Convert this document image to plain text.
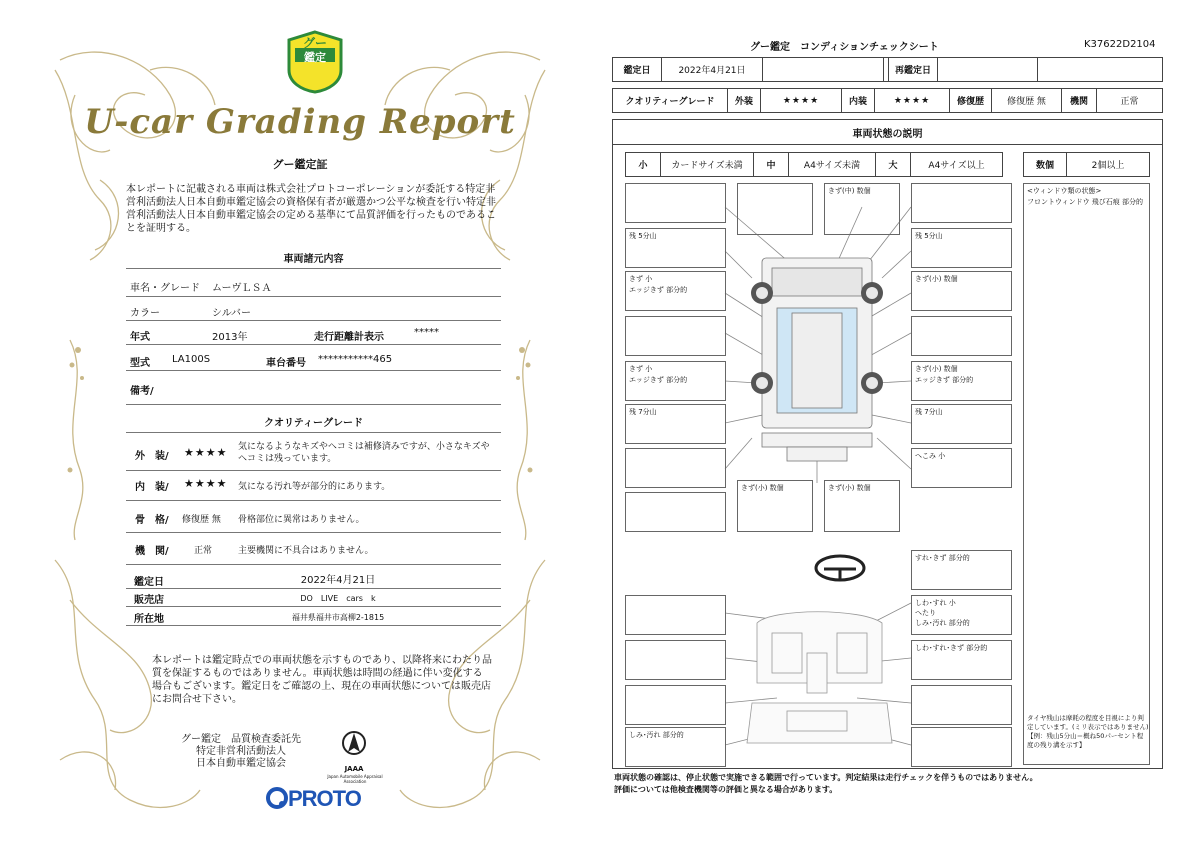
グー
鑑定
U-car Grading Report
グー鑑定証
本レポートに記載される車両は株式会社プロトコーポレーションが委託する特定非営利活動法人日本自動車鑑定協会の資格保有者が厳選かつ公平な検査を行い特定非営利活動法人日本自動車鑑定協会の定める基準にて品質評価を行ったものであることを証明する。
車両諸元内容
車名・グレード ムーヴＬＳＡ
カラー	シルバー
年式	2013年	走行距離計表示	*****
型式 LA100S	車台番号 ***********465
備考/
クオリティーグレード
外　装/ ★★★★ 気になるようなキズやヘコミは補修済みですが、小さなキズやヘコミは残っています。
内　装/ ★★★★ 気になる汚れ等が部分的にあります。
骨　格/ 修復歴 無 骨格部位に異常はありません。
機　関/	正常	主要機関に不具合はありません。
鑑定日	2022年4月21日
販売店	DO　LIVE　cars　k
所在地	福井県福井市高柳2-1815
本レポートは鑑定時点での車両状態を示すものであり、以降将来にわたり品質を保証するものではありません。車両状態は時間の経過に伴い変化する場合もございます。鑑定日をご確認の上、現在の車両状態については販売店にお問合せ下さい。
グー鑑定　品質検査委託先
特定非営利活動法人
日本自動車鑑定協会	JAAA
Japan Automobile Appraisal Association
PROTO
グー鑑定　コンディションチェックシート	K37622D2104
鑑定日	2022年4月21日	再鑑定日
クオリティーグレード	外装	★★★★	内装	★★★★	修復歴	修復歴 無	機関	正常
車両状態の説明
小	カードサイズ未満	中	A4サイズ未満	大	A4サイズ以上	数個	2個以上
<ウィンドウ類の状態>
フロントウィンドウ 飛び石痕 部分的
タイヤ残山は摩耗の程度を目視により判定しています。(ミリ表示ではありません)
【例：残山5分山＝概ね50パーセント程度の残り溝を示す】
残 5分山
きず 小
エッジきず 部分的
きず 小
エッジきず 部分的
残 7分山
残 5分山
きず(小) 数個
きず(小) 数個
エッジきず 部分的
残 7分山
へこみ 小
きず(中) 数個
きず(小) 数個	きず(小) 数個
すれ･きず 部分的
しわ･すれ 小
へたり
しみ･汚れ 部分的
しわ･すれ･きず 部分的
しみ･汚れ 部分的
車両状態の確認は、停止状態で実施できる範囲で行っています。判定結果は走行チェックを伴うものではありません。
評価については他検査機関等の評価と異なる場合があります。
